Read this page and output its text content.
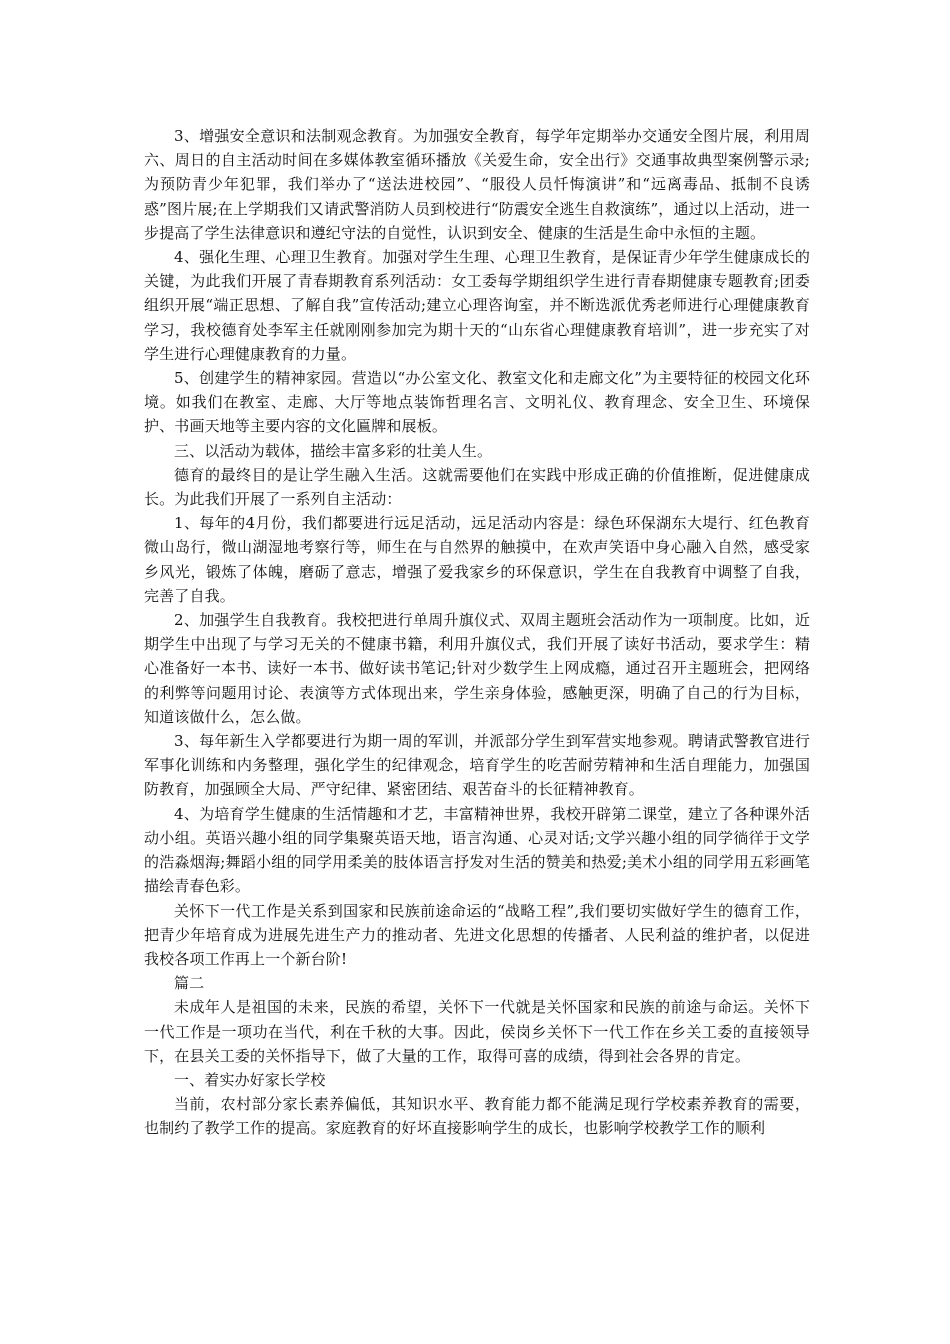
3、增强安全意识和法制观念教育。为加强安全教育，每学年定期举办交通安全图片展，利用周六、周日的自主活动时间在多媒体教室循环播放《关爱生命，安全出行》交通事故典型案例警示录;为预防青少年犯罪，我们举办了“送法进校园”、“服役人员忏悔演讲”和“远离毒品、抵制不良诱惑”图片展;在上学期我们又请武警消防人员到校进行“防震安全逃生自救演练”，通过以上活动，进一步提高了学生法律意识和遵纪守法的自觉性，认识到安全、健康的生活是生命中永恒的主题。

4、强化生理、心理卫生教育。加强对学生生理、心理卫生教育，是保证青少年学生健康成长的关键，为此我们开展了青春期教育系列活动：女工委每学期组织学生进行青春期健康专题教育;团委组织开展“端正思想、了解自我”宣传活动;建立心理咨询室，并不断选派优秀老师进行心理健康教育学习，我校德育处李军主任就刚刚参加完为期十天的“山东省心理健康教育培训”，进一步充实了对学生进行心理健康教育的力量。

5、创建学生的精神家园。营造以“办公室文化、教室文化和走廊文化”为主要特征的校园文化环境。如我们在教室、走廊、大厅等地点装饰哲理名言、文明礼仪、教育理念、安全卫生、环境保护、书画天地等主要内容的文化匾牌和展板。

三、以活动为载体，描绘丰富多彩的壮美人生。

德育的最终目的是让学生融入生活。这就需要他们在实践中形成正确的价值推断，促进健康成长。为此我们开展了一系列自主活动：

1、每年的4月份，我们都要进行远足活动，远足活动内容是：绿色环保湖东大堤行、红色教育微山岛行，微山湖湿地考察行等，师生在与自然界的触摸中，在欢声笑语中身心融入自然，感受家乡风光，锻炼了体魄，磨砺了意志，增强了爱我家乡的环保意识，学生在自我教育中调整了自我，完善了自我。

2、加强学生自我教育。我校把进行单周升旗仪式、双周主题班会活动作为一项制度。比如，近期学生中出现了与学习无关的不健康书籍，利用升旗仪式，我们开展了读好书活动，要求学生：精心准备好一本书、读好一本书、做好读书笔记;针对少数学生上网成瘾，通过召开主题班会，把网络的利弊等问题用讨论、表演等方式体现出来，学生亲身体验，感触更深，明确了自己的行为目标，知道该做什么，怎么做。

3、每年新生入学都要进行为期一周的军训，并派部分学生到军营实地参观。聘请武警教官进行军事化训练和内务整理，强化学生的纪律观念，培育学生的吃苦耐劳精神和生活自理能力，加强国防教育，加强顾全大局、严守纪律、紧密团结、艰苦奋斗的长征精神教育。

4、为培育学生健康的生活情趣和才艺，丰富精神世界，我校开辟第二课堂，建立了各种课外活动小组。英语兴趣小组的同学集聚英语天地，语言沟通、心灵对话;文学兴趣小组的同学徜徉于文学的浩淼烟海;舞蹈小组的同学用柔美的肢体语言抒发对生活的赞美和热爱;美术小组的同学用五彩画笔描绘青春色彩。

关怀下一代工作是关系到国家和民族前途命运的“战略工程”,我们要切实做好学生的德育工作，把青少年培育成为进展先进生产力的推动者、先进文化思想的传播者、人民利益的维护者，以促进我校各项工作再上一个新台阶!

篇二

未成年人是祖国的未来，民族的希望，关怀下一代就是关怀国家和民族的前途与命运。关怀下一代工作是一项功在当代，利在千秋的大事。因此，侯岗乡关怀下一代工作在乡关工委的直接领导下，在县关工委的关怀指导下，做了大量的工作，取得可喜的成绩，得到社会各界的肯定。

一、着实办好家长学校

当前，农村部分家长素养偏低，其知识水平、教育能力都不能满足现行学校素养教育的需要，也制约了教学工作的提高。家庭教育的好坏直接影响学生的成长，也影响学校教学工作的顺利
